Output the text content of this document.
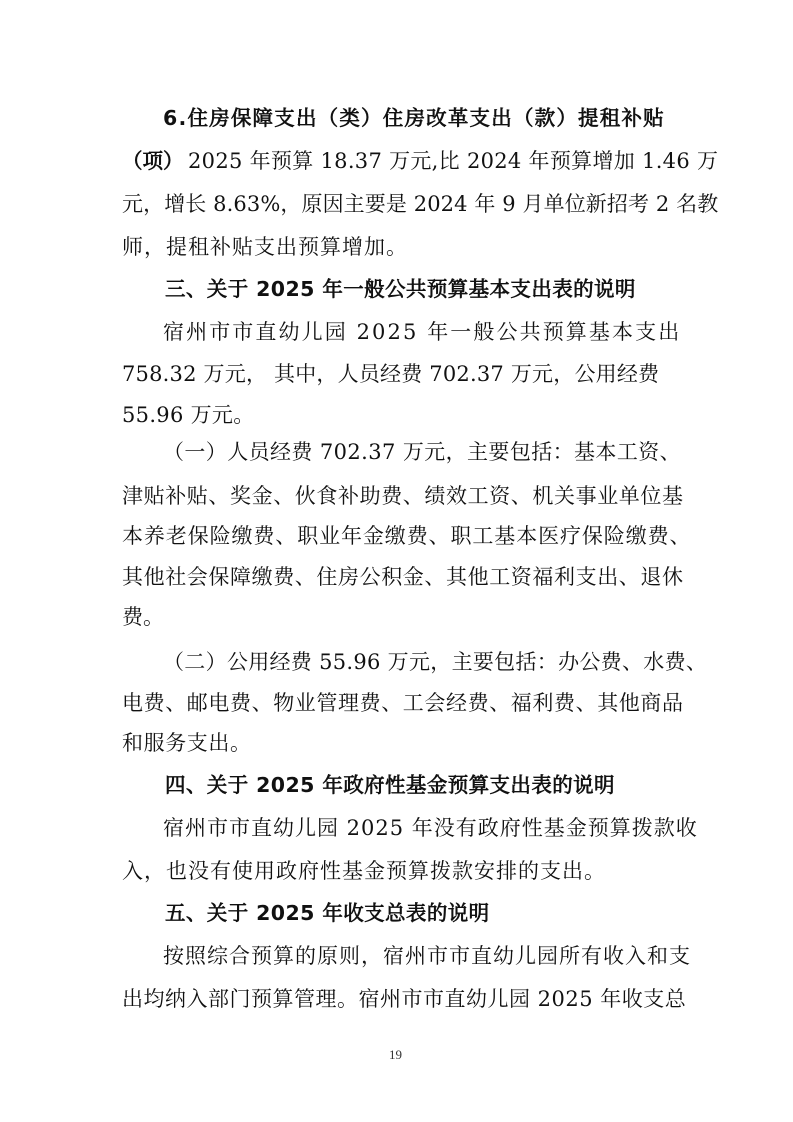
6.住房保障支出（类）住房改革支出（款）提租补贴
（项） 2025 年预算 18.37 万元,比 2024 年预算增加 1.46 万
元，增长 8.63%，原因主要是 2024 年 9 月单位新招考 2 名教
师，提租补贴支出预算增加。
三、关于 2025 年一般公共预算基本支出表的说明
宿州市市直幼儿园 2025 年一般公共预算基本支出
758.32 万元， 其中，人员经费 702.37 万元，公用经费
55.96 万元。
（一）人员经费 702.37 万元，主要包括：基本工资、
津贴补贴、奖金、伙食补助费、绩效工资、机关事业单位基
本养老保险缴费、职业年金缴费、职工基本医疗保险缴费、
其他社会保障缴费、住房公积金、其他工资福利支出、退休
费。
（二）公用经费 55.96 万元，主要包括：办公费、水费、
电费、邮电费、物业管理费、工会经费、福利费、其他商品
和服务支出。
四、关于 2025 年政府性基金预算支出表的说明
宿州市市直幼儿园 2025 年没有政府性基金预算拨款收
入，也没有使用政府性基金预算拨款安排的支出。
五、关于 2025 年收支总表的说明
按照综合预算的原则，宿州市市直幼儿园所有收入和支
出均纳入部门预算管理。宿州市市直幼儿园 2025 年收支总
19
